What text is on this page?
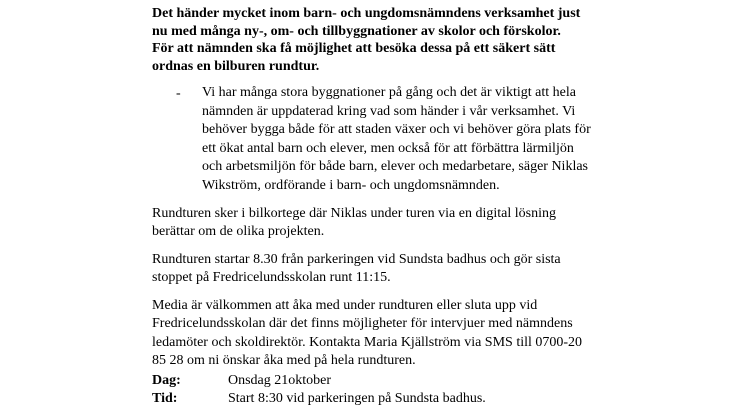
Det händer mycket inom barn- och ungdomsnämndens verksamhet just
nu med många ny-, om- och tillbyggnationer av skolor och förskolor.
För att nämnden ska få möjlighet att besöka dessa på ett säkert sätt
ordnas en bilburen rundtur.
- Vi har många stora byggnationer på gång och det är viktigt att hela
nämnden är uppdaterad kring vad som händer i vår verksamhet. Vi
behöver bygga både för att staden växer och vi behöver göra plats för
ett ökat antal barn och elever, men också för att förbättra lärmiljön
och arbetsmiljön för både barn, elever och medarbetare, säger Niklas
Wikström, ordförande i barn- och ungdomsnämnden.
Rundturen sker i bilkortege där Niklas under turen via en digital lösning
berättar om de olika projekten.
Rundturen startar 8.30 från parkeringen vid Sundsta badhus och gör sista
stoppet på Fredricelundsskolan runt 11:15.
Media är välkommen att åka med under rundturen eller sluta upp vid
Fredricelundsskolan där det finns möjligheter för intervjuer med nämndens
ledamöter och skoldirektör. Kontakta Maria Kjällström via SMS till 0700-20
85 28 om ni önskar åka med på hela rundturen.
Dag:	Onsdag 21oktober
Tid:	Start 8:30 vid parkeringen på Sundsta badhus.
